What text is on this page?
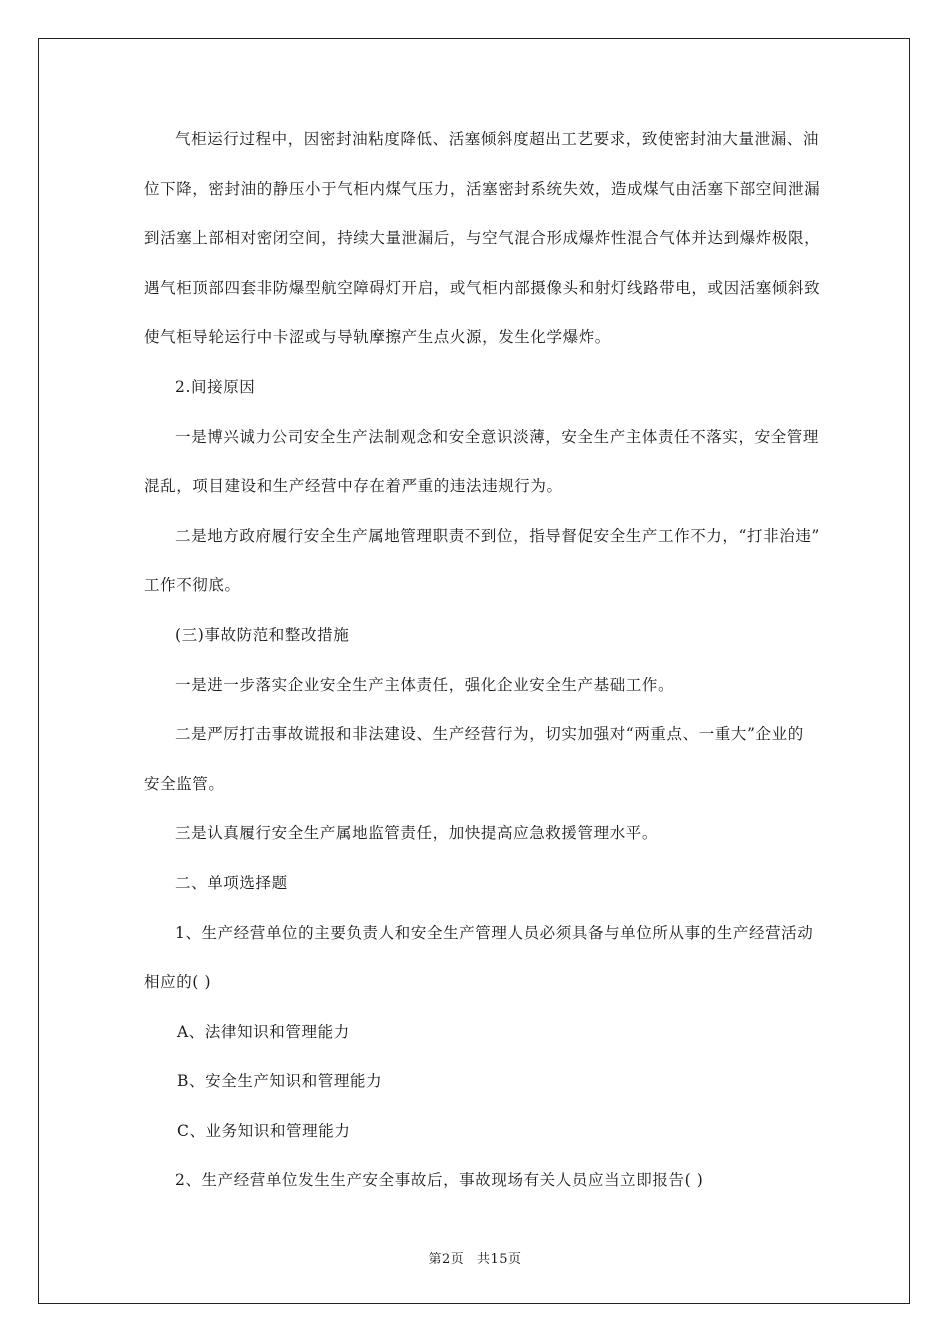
气柜运行过程中，因密封油粘度降低、活塞倾斜度超出工艺要求，致使密封油大量泄漏、油
位下降，密封油的静压小于气柜内煤气压力，活塞密封系统失效，造成煤气由活塞下部空间泄漏
到活塞上部相对密闭空间，持续大量泄漏后，与空气混合形成爆炸性混合气体并达到爆炸极限，
遇气柜顶部四套非防爆型航空障碍灯开启，或气柜内部摄像头和射灯线路带电，或因活塞倾斜致
使气柜导轮运行中卡涩或与导轨摩擦产生点火源，发生化学爆炸。
2.间接原因
一是博兴诚力公司安全生产法制观念和安全意识淡薄，安全生产主体责任不落实，安全管理
混乱，项目建设和生产经营中存在着严重的违法违规行为。
二是地方政府履行安全生产属地管理职责不到位，指导督促安全生产工作不力，“打非治违”
工作不彻底。
(三)事故防范和整改措施
一是进一步落实企业安全生产主体责任，强化企业安全生产基础工作。
二是严厉打击事故谎报和非法建设、生产经营行为，切实加强对“两重点、一重大”企业的
安全监管。
三是认真履行安全生产属地监管责任，加快提高应急救援管理水平。
二、单项选择题
1、生产经营单位的主要负责人和安全生产管理人员必须具备与单位所从事的生产经营活动
相应的( )
A、法律知识和管理能力
B、安全生产知识和管理能力
C、业务知识和管理能力
2、生产经营单位发生生产安全事故后，事故现场有关人员应当立即报告( )
第2页 共15页
